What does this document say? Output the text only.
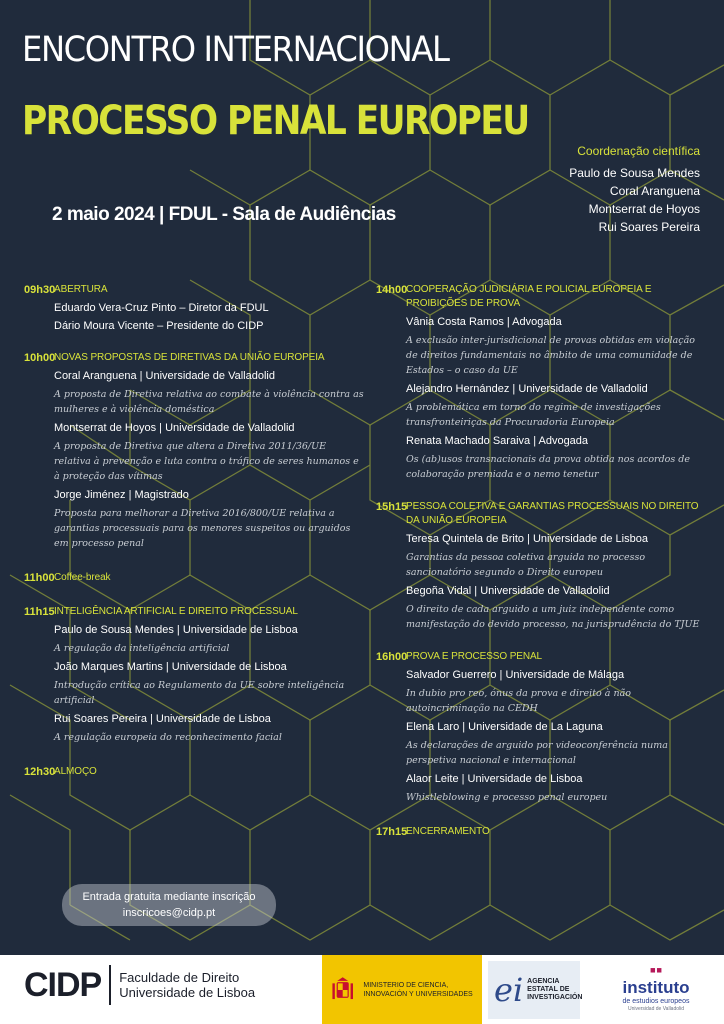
ENCONTRO INTERNACIONAL
PROCESSO PENAL EUROPEU
2 maio 2024 | FDUL - Sala de Audiências
Coordenação científica
Paulo de Sousa Mendes
Coral Aranguena
Montserrat de Hoyos
Rui Soares Pereira
09h30
ABERTURA
Eduardo Vera-Cruz Pinto – Diretor da FDUL
Dário Moura Vicente – Presidente do CIDP
10h00
NOVAS PROPOSTAS DE DIRETIVAS DA UNIÃO EUROPEIA
Coral Aranguena | Universidade de Valladolid
A proposta de Diretiva relativa ao combate à violência contra as mulheres e à violência doméstica
Montserrat de Hoyos | Universidade de Valladolid
A proposta de Diretiva que altera a Diretiva 2011/36/UE relativa à prevenção e luta contra o tráfico de seres humanos e à proteção das vítimas
Jorge Jiménez | Magistrado
Proposta para melhorar a Diretiva 2016/800/UE relativa a garantias processuais para os menores suspeitos ou arguidos em processo penal
11h00 Coffee-break
11h15 INTELIGÊNCIA ARTIFICIAL E DIREITO PROCESSUAL
Paulo de Sousa Mendes | Universidade de Lisboa
A regulação da inteligência artificial
João Marques Martins | Universidade de Lisboa
Introdução crítica ao Regulamento da UE sobre inteligência artificial
Rui Soares Pereira | Universidade de Lisboa
A regulação europeia do reconhecimento facial
12h30
ALMOÇO
14h00
COOPERAÇÃO JUDICIÁRIA E POLICIAL EUROPEIA E PROIBIÇÕES DE PROVA
Vânia Costa Ramos | Advogada
A exclusão inter-jurisdicional de provas obtidas em violação de direitos fundamentais no âmbito de uma comunidade de Estados – o caso da UE
Alejandro Hernández | Universidade de Valladolid
A problemática em torno do regime de investigações transfronteiriças da Procuradoria Europeia
Renata Machado Saraiva | Advogada
Os (ab)usos transnacionais da prova obtida nos acordos de colaboração premiada e o nemo tenetur
15h15
PESSOA COLETIVA E GARANTIAS PROCESSUAIS NO DIREITO DA UNIÃO EUROPEIA
Teresa Quintela de Brito | Universidade de Lisboa
Garantias da pessoa coletiva arguida no processo sancionatório segundo o Direito europeu
Begoña Vidal | Universidade de Valladolid
O direito de cada arguido a um juiz independente como manifestação do devido processo, na jurisprudência do TJUE
16h00
PROVA E PROCESSO PENAL
Salvador Guerrero | Universidade de Málaga
In dubio pro reo, ónus da prova e direito à não autoincriminação na CEDH
Elena Laro | Universidade de La Laguna
As declarações de arguido por videoconferência numa perspetiva nacional e internacional
Alaor Leite | Universidade de Lisboa
Whistleblowing e processo penal europeu
17h15
ENCERRAMENTO
Entrada gratuita mediante inscrição
inscricoes@cidp.pt
CIDP Faculdade de Direito
Universidade de Lisboa	MINISTERIO DE CIENCIA, INNOVACIÓN Y UNIVERSIDADES ei AGENCIA ESTATAL DE INVESTIGACIÓN
▪▪
instituto
de estudios europeos
Universidad de Valladolid
